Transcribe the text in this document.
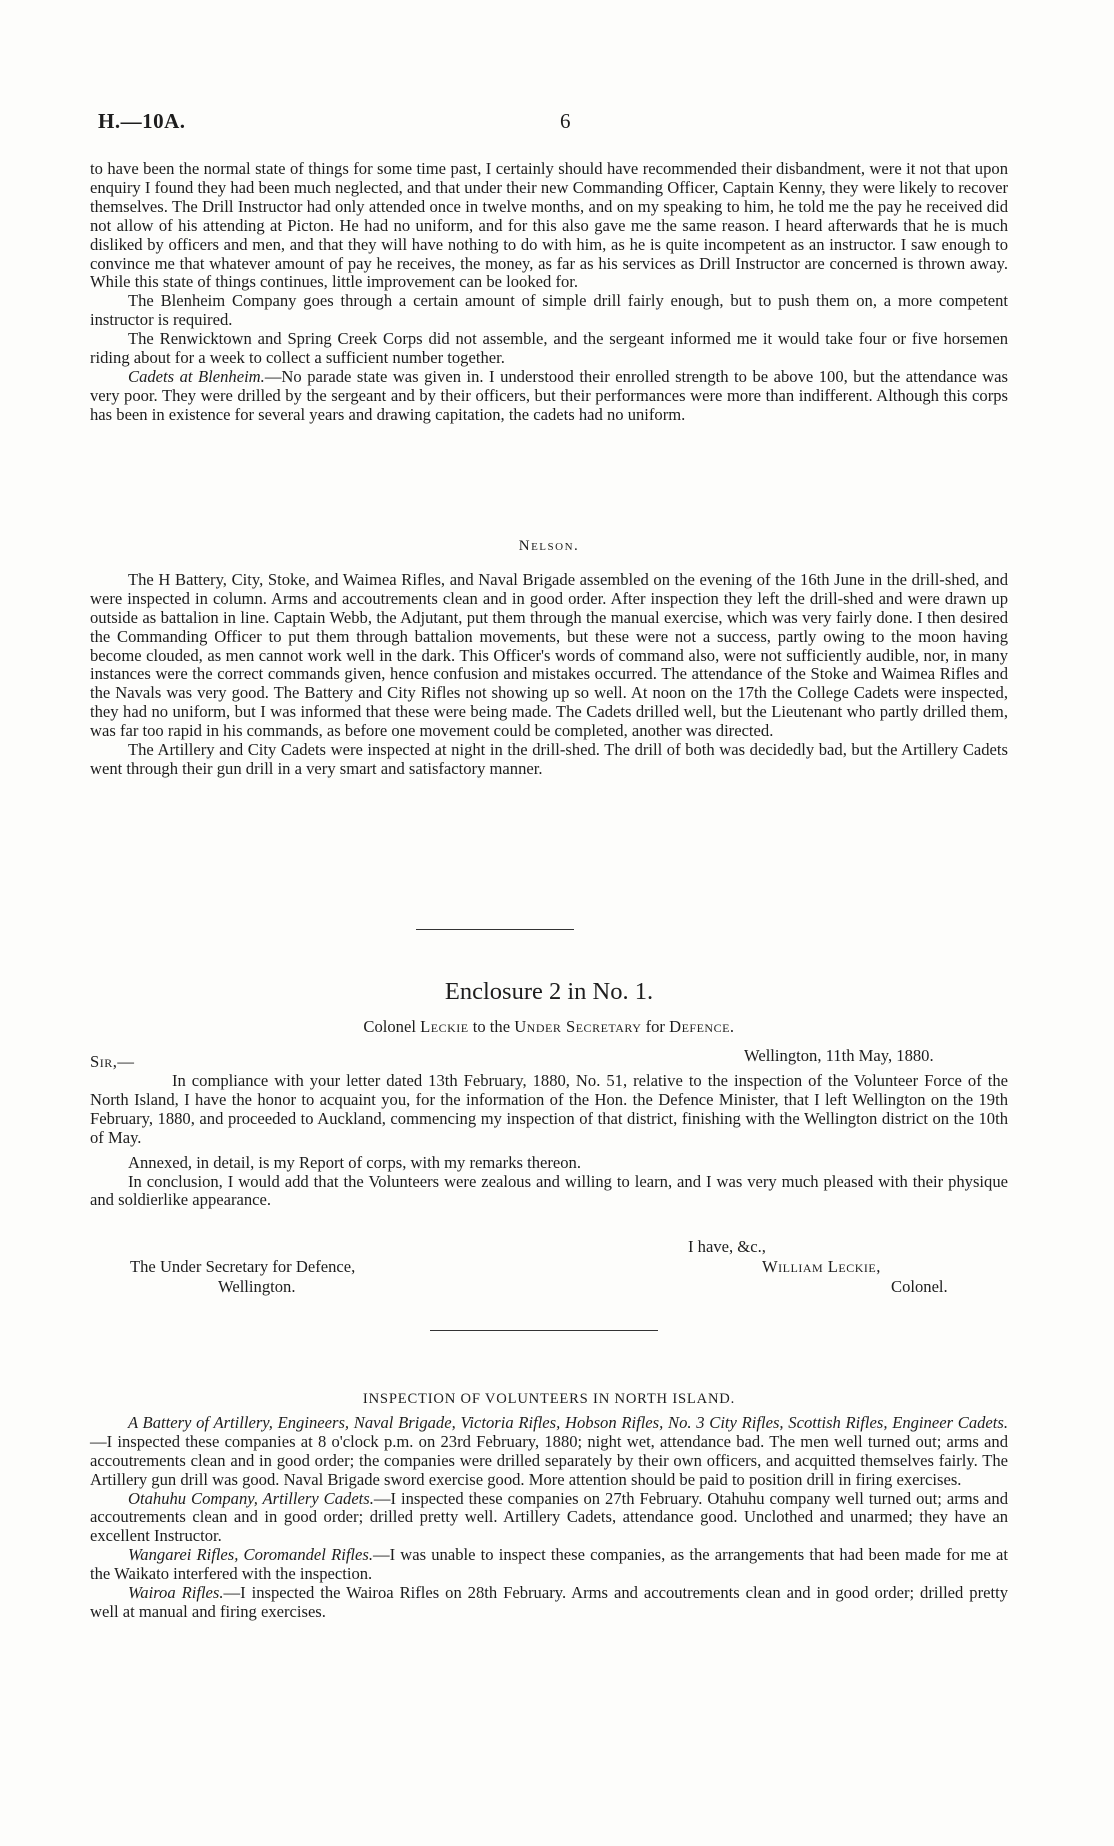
H.—10A.	6

to have been the normal state of things for some time past, I certainly should have recommended their disbandment, were it not that upon enquiry I found they had been much neglected, and that under their new Commanding Officer, Captain Kenny, they were likely to recover themselves. The Drill Instructor had only attended once in twelve months, and on my speaking to him, he told me the pay he received did not allow of his attending at Picton. He had no uniform, and for this also gave me the same reason. I heard afterwards that he is much disliked by officers and men, and that they will have nothing to do with him, as he is quite incompetent as an instructor. I saw enough to convince me that whatever amount of pay he receives, the money, as far as his services as Drill Instructor are concerned is thrown away. While this state of things continues, little improvement can be looked for.

The Blenheim Company goes through a certain amount of simple drill fairly enough, but to push them on, a more competent instructor is required.

The Renwicktown and Spring Creek Corps did not assemble, and the sergeant informed me it would take four or five horsemen riding about for a week to collect a sufficient number together.

Cadets at Blenheim.—No parade state was given in. I understood their enrolled strength to be above 100, but the attendance was very poor. They were drilled by the sergeant and by their officers, but their performances were more than indifferent. Although this corps has been in existence for several years and drawing capitation, the cadets had no uniform.

Nelson.

The H Battery, City, Stoke, and Waimea Rifles, and Naval Brigade assembled on the evening of the 16th June in the drill-shed, and were inspected in column. Arms and accoutrements clean and in good order. After inspection they left the drill-shed and were drawn up outside as battalion in line. Captain Webb, the Adjutant, put them through the manual exercise, which was very fairly done. I then desired the Commanding Officer to put them through battalion movements, but these were not a success, partly owing to the moon having become clouded, as men cannot work well in the dark. This Officer's words of command also, were not sufficiently audible, nor, in many instances were the correct commands given, hence confusion and mistakes occurred. The attendance of the Stoke and Waimea Rifles and the Navals was very good. The Battery and City Rifles not showing up so well. At noon on the 17th the College Cadets were inspected, they had no uniform, but I was informed that these were being made. The Cadets drilled well, but the Lieutenant who partly drilled them, was far too rapid in his commands, as before one movement could be completed, another was directed.

The Artillery and City Cadets were inspected at night in the drill-shed. The drill of both was decidedly bad, but the Artillery Cadets went through their gun drill in a very smart and satisfactory manner.

Enclosure 2 in No. 1.
Colonel Leckie to the Under Secretary for Defence.
Sir,—	Wellington, 11th May, 1880.

In compliance with your letter dated 13th February, 1880, No. 51, relative to the inspection of the Volunteer Force of the North Island, I have the honor to acquaint you, for the information of the Hon. the Defence Minister, that I left Wellington on the 19th February, 1880, and proceeded to Auckland, commencing my inspection of that district, finishing with the Wellington district on the 10th of May.

Annexed, in detail, is my Report of corps, with my remarks thereon.

In conclusion, I would add that the Volunteers were zealous and willing to learn, and I was very much pleased with their physique and soldierlike appearance.

I have, &c.,
William Leckie,
Colonel.
The Under Secretary for Defence,
Wellington.

INSPECTION OF VOLUNTEERS IN NORTH ISLAND.

A Battery of Artillery, Engineers, Naval Brigade, Victoria Rifles, Hobson Rifles, No. 3 City Rifles, Scottish Rifles, Engineer Cadets.—I inspected these companies at 8 o'clock p.m. on 23rd February, 1880; night wet, attendance bad. The men well turned out; arms and accoutrements clean and in good order; the companies were drilled separately by their own officers, and acquitted themselves fairly. The Artillery gun drill was good. Naval Brigade sword exercise good. More attention should be paid to position drill in firing exercises.

Otahuhu Company, Artillery Cadets.—I inspected these companies on 27th February. Otahuhu company well turned out; arms and accoutrements clean and in good order; drilled pretty well. Artillery Cadets, attendance good. Unclothed and unarmed; they have an excellent Instructor.

Wangarei Rifles, Coromandel Rifles.—I was unable to inspect these companies, as the arrangements that had been made for me at the Waikato interfered with the inspection.

Wairoa Rifles.—I inspected the Wairoa Rifles on 28th February. Arms and accoutrements clean and in good order; drilled pretty well at manual and firing exercises.
